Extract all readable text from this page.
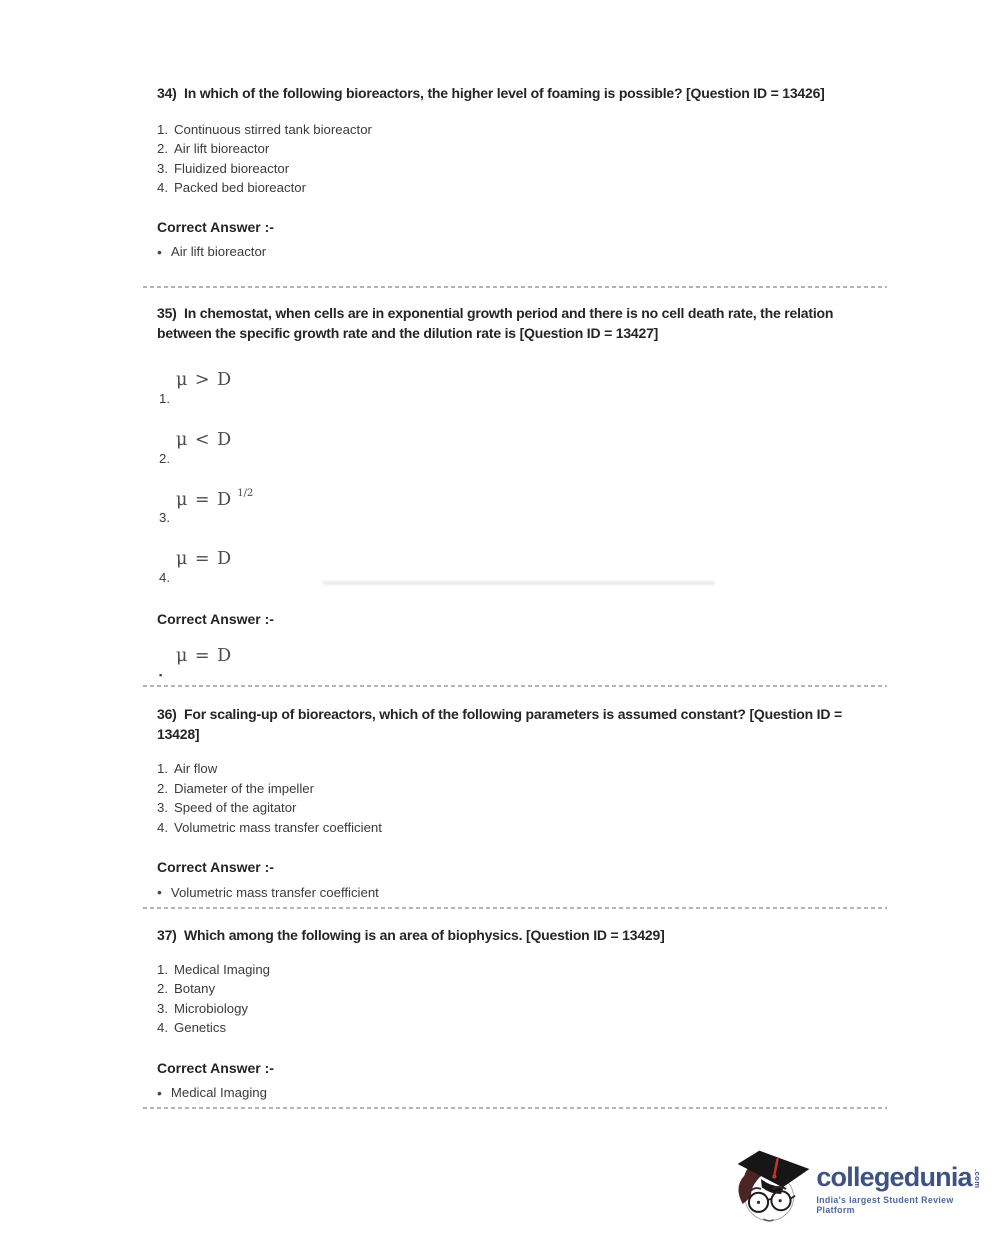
34)  In which of the following bioreactors, the higher level of foaming is possible? [Question ID = 13426]

1. Continuous stirred tank bioreactor
2. Air lift bioreactor
3. Fluidized bioreactor
4. Packed bed bioreactor

Correct Answer :-

• Air lift bioreactor

35)  In chemostat, when cells are in exponential growth period and there is no cell death rate, the relation between the specific growth rate and the dilution rate is [Question ID = 13427]

μ > D
1.
μ < D
2.
μ = D $^{1/2}$
3.
μ = D
4.

Correct Answer :-

μ = D
▪

36)  For scaling-up of bioreactors, which of the following parameters is assumed constant? [Question ID = 13428]

1. Air flow
2. Diameter of the impeller
3. Speed of the agitator
4. Volumetric mass transfer coefficient

Correct Answer :-

• Volumetric mass transfer coefficient

37)  Which among the following is an area of biophysics. [Question ID = 13429]

1. Medical Imaging
2. Botany
3. Microbiology
4. Genetics

Correct Answer :-

• Medical Imaging
collegedunia .com
India's largest Student Review Platform
